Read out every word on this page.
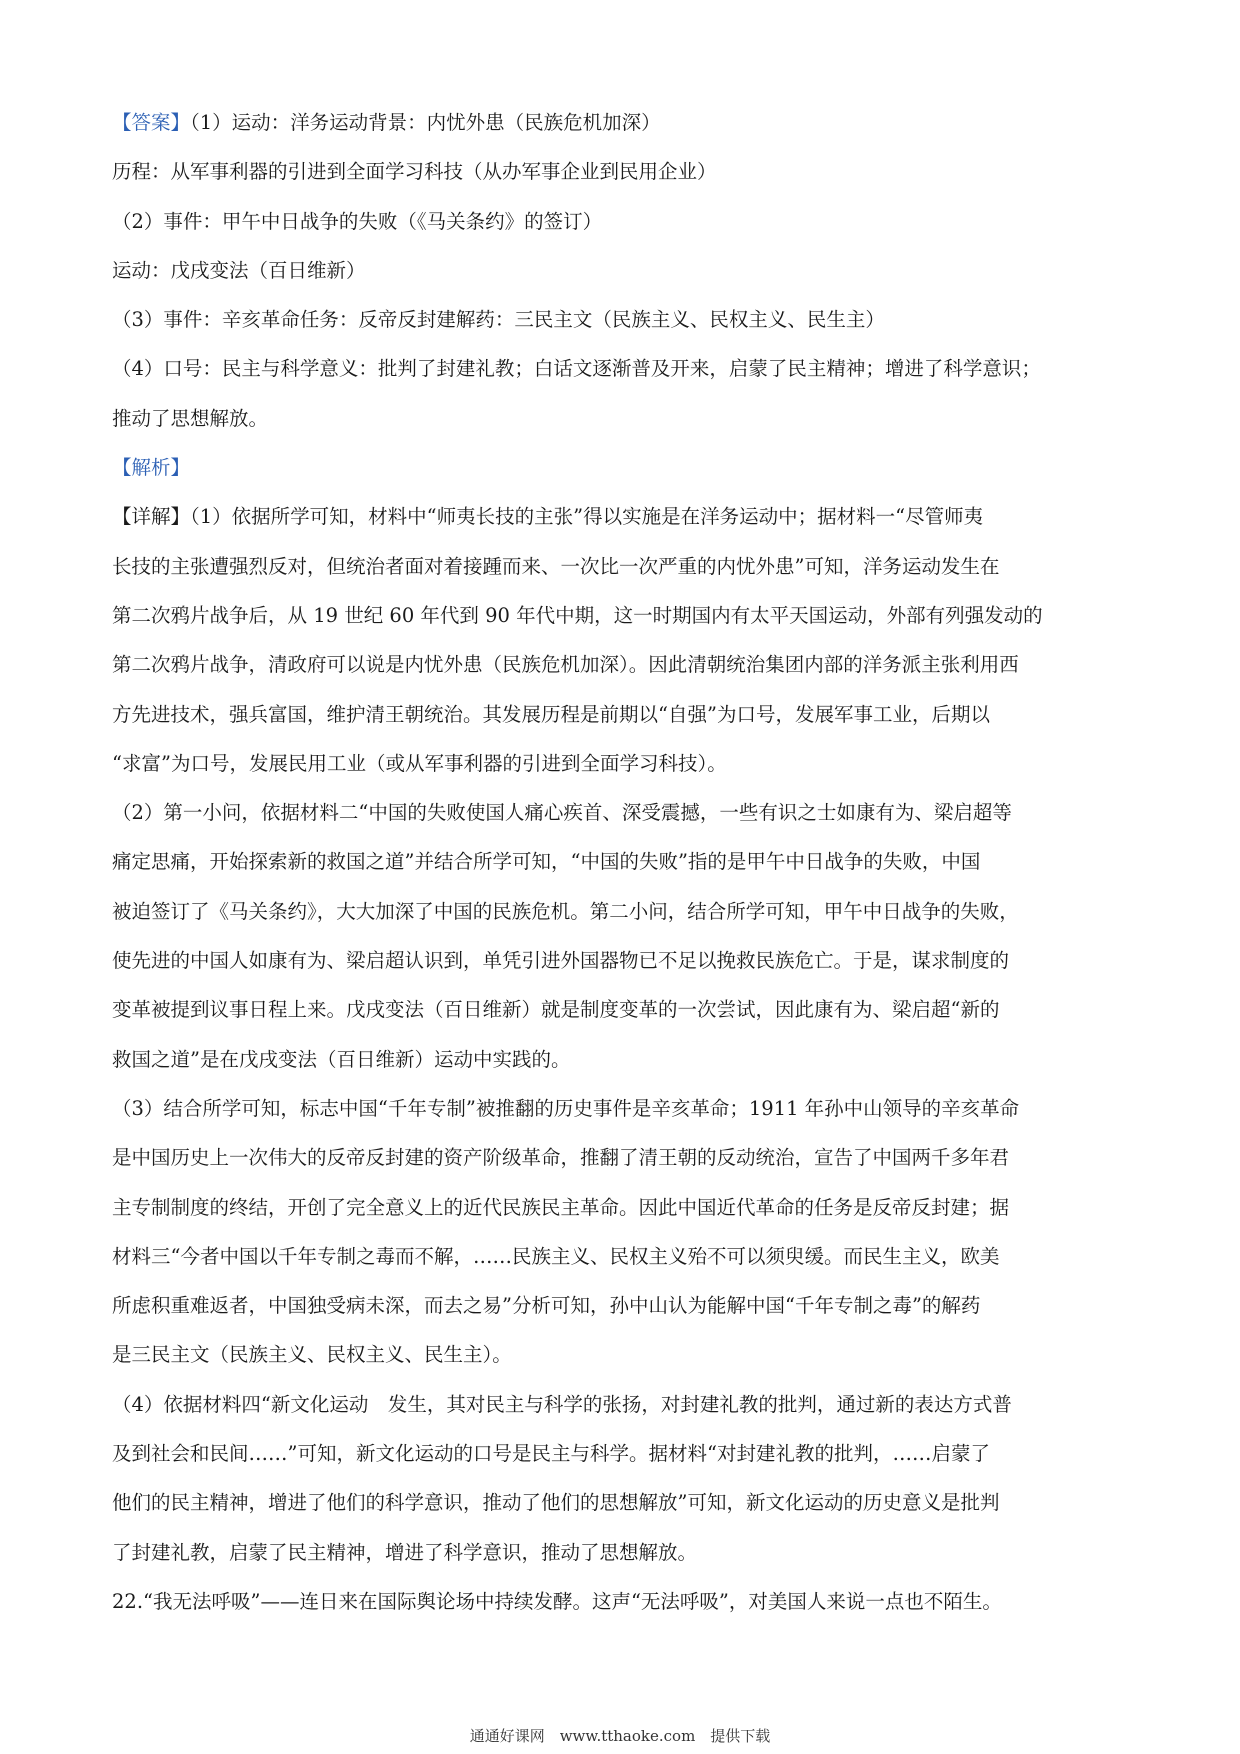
【答案】（1）运动：洋务运动背景：内忧外患（民族危机加深）
历程：从军事利器的引进到全面学习科技（从办军事企业到民用企业）
（2）事件：甲午中日战争的失败（《马关条约》的签订）
运动：戊戌变法（百日维新）
（3）事件：辛亥革命任务：反帝反封建解药：三民主文（民族主义、民权主义、民生主）
（4）口号：民主与科学意义：批判了封建礼教；白话文逐渐普及开来，启蒙了民主精神；增进了科学意识；
推动了思想解放。
【解析】
【详解】（1）依据所学可知，材料中“师夷长技的主张”得以实施是在洋务运动中；据材料一“尽管师夷
长技的主张遭强烈反对，但统治者面对着接踵而来、一次比一次严重的内忧外患”可知，洋务运动发生在
第二次鸦片战争后，从 19 世纪 60 年代到 90 年代中期，这一时期国内有太平天国运动，外部有列强发动的
第二次鸦片战争，清政府可以说是内忧外患（民族危机加深）。因此清朝统治集团内部的洋务派主张利用西
方先进技术，强兵富国，维护清王朝统治。其发展历程是前期以“自强”为口号，发展军事工业，后期以
“求富”为口号，发展民用工业（或从军事利器的引进到全面学习科技）。
（2）第一小问，依据材料二“中国的失败使国人痛心疾首、深受震撼，一些有识之士如康有为、梁启超等
痛定思痛，开始探索新的救国之道”并结合所学可知，“中国的失败”指的是甲午中日战争的失败，中国
被迫签订了《马关条约》，大大加深了中国的民族危机。第二小问，结合所学可知，甲午中日战争的失败，
使先进的中国人如康有为、梁启超认识到，单凭引进外国器物已不足以挽救民族危亡。于是，谋求制度的
变革被提到议事日程上来。戊戌变法（百日维新）就是制度变革的一次尝试，因此康有为、梁启超“新的
救国之道”是在戊戌变法（百日维新）运动中实践的。
（3）结合所学可知，标志中国“千年专制”被推翻的历史事件是辛亥革命；1911 年孙中山领导的辛亥革命
是中国历史上一次伟大的反帝反封建的资产阶级革命，推翻了清王朝的反动统治，宣告了中国两千多年君
主专制制度的终结，开创了完全意义上的近代民族民主革命。因此中国近代革命的任务是反帝反封建；据
材料三“今者中国以千年专制之毒而不解，……民族主义、民权主义殆不可以须臾缓。而民生主义，欧美
所虑积重难返者，中国独受病未深，而去之易”分析可知，孙中山认为能解中国“千年专制之毒”的解药
是三民主文（民族主义、民权主义、民生主）。
（4）依据材料四“新文化运动　发生，其对民主与科学的张扬，对封建礼教的批判，通过新的表达方式普
及到社会和民间……”可知，新文化运动的口号是民主与科学。据材料“对封建礼教的批判，……启蒙了
他们的民主精神，增进了他们的科学意识，推动了他们的思想解放”可知，新文化运动的历史意义是批判
了封建礼教，启蒙了民主精神，增进了科学意识，推动了思想解放。
22.“我无法呼吸”——连日来在国际舆论场中持续发酵。这声“无法呼吸”，对美国人来说一点也不陌生。
通通好课网　www.tthaoke.com　提供下载
